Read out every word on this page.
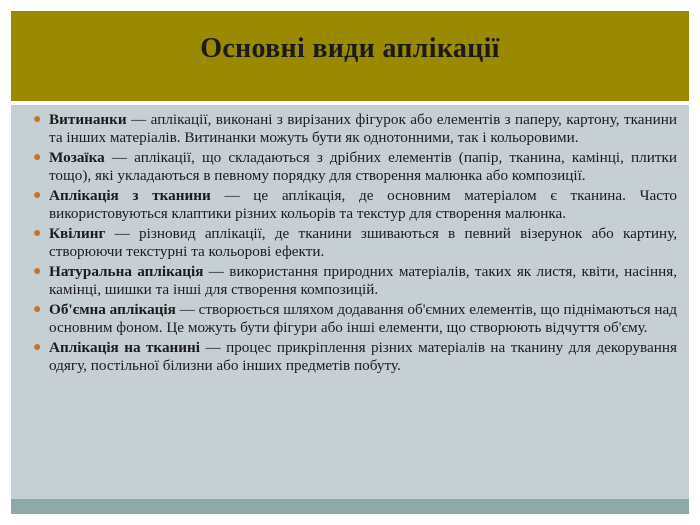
Основні види аплікації
● Витинанки — аплікації, виконані з вирізаних фігурок або елементів з паперу, картону, тканини та інших матеріалів. Витинанки можуть бути як однотонними, так і кольоровими.
● Мозаїка — аплікації, що складаються з дрібних елементів (папір, тканина, камінці, плитки тощо), які укладаються в певному порядку для створення малюнка або композиції.
● Аплікація з тканини — це аплікація, де основним матеріалом є тканина. Часто використовуються клаптики різних кольорів та текстур для створення малюнка.
● Квілинг — різновид аплікації, де тканини зшиваються в певний візерунок або картину, створюючи текстурні та кольорові ефекти.
● Натуральна аплікація — використання природних матеріалів, таких як листя, квіти, насіння, камінці, шишки та інші для створення композицій.
● Об'ємна аплікація — створюється шляхом додавання об'ємних елементів, що піднімаються над основним фоном. Це можуть бути фігури або інші елементи, що створюють відчуття об'єму.
● Аплікація на тканині — процес прикріплення різних матеріалів на тканину для декорування одягу, постільної білизни або інших предметів побуту.
